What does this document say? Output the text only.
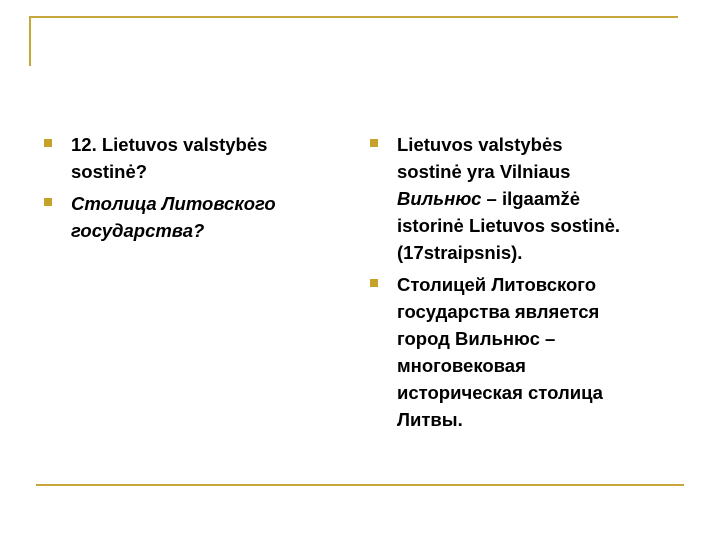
12. Lietuvos valstybės
sostinė?
Столица Литовского
государства?
Lietuvos valstybės
sostinė yra Vilniaus
Вильнюс – ilgaamžė
istorinė Lietuvos sostinė.
(17straipsnis).
Столицей Литовского
государства является
город Вильнюс –
многовековая
историческая столица
Литвы.
